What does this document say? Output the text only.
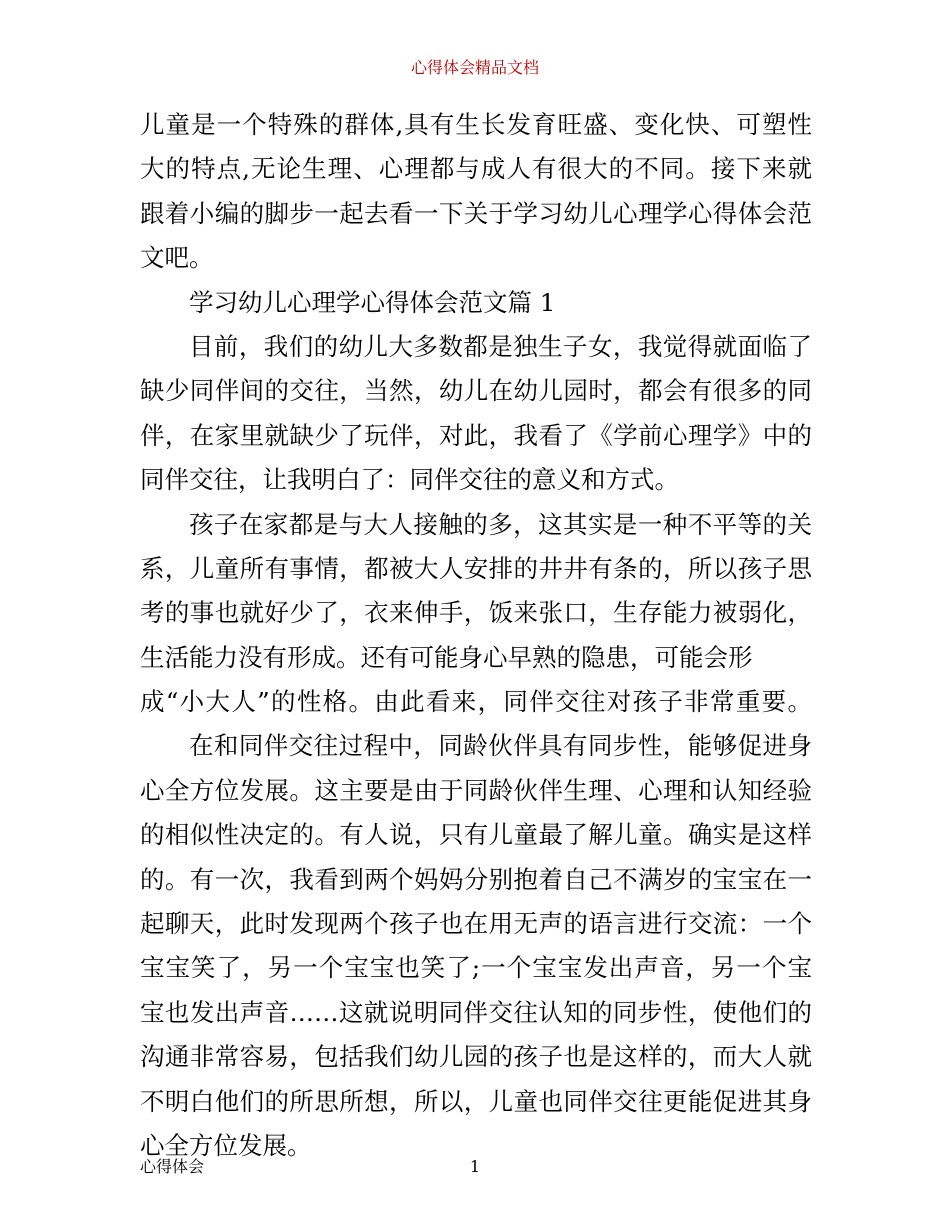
心得体会精品文档
儿童是一个特殊的群体,具有生长发育旺盛、变化快、可塑性
大的特点,无论生理、心理都与成人有很大的不同。接下来就
跟着小编的脚步一起去看一下关于学习幼儿心理学心得体会范
文吧。
学习幼儿心理学心得体会范文篇 1
目前，我们的幼儿大多数都是独生子女，我觉得就面临了
缺少同伴间的交往，当然，幼儿在幼儿园时，都会有很多的同
伴，在家里就缺少了玩伴，对此，我看了《学前心理学》中的
同伴交往，让我明白了：同伴交往的意义和方式。
孩子在家都是与大人接触的多，这其实是一种不平等的关
系，儿童所有事情，都被大人安排的井井有条的，所以孩子思
考的事也就好少了，衣来伸手，饭来张口，生存能力被弱化，
生活能力没有形成。还有可能身心早熟的隐患，可能会形
成“小大人”的性格。由此看来，同伴交往对孩子非常重要。
在和同伴交往过程中，同龄伙伴具有同步性，能够促进身
心全方位发展。这主要是由于同龄伙伴生理、心理和认知经验
的相似性决定的。有人说，只有儿童最了解儿童。确实是这样
的。有一次，我看到两个妈妈分别抱着自己不满岁的宝宝在一
起聊天，此时发现两个孩子也在用无声的语言进行交流：一个
宝宝笑了，另一个宝宝也笑了;一个宝宝发出声音，另一个宝
宝也发出声音……这就说明同伴交往认知的同步性，使他们的
沟通非常容易，包括我们幼儿园的孩子也是这样的，而大人就
不明白他们的所思所想，所以，儿童也同伴交往更能促进其身
心全方位发展。
心得体会	1
